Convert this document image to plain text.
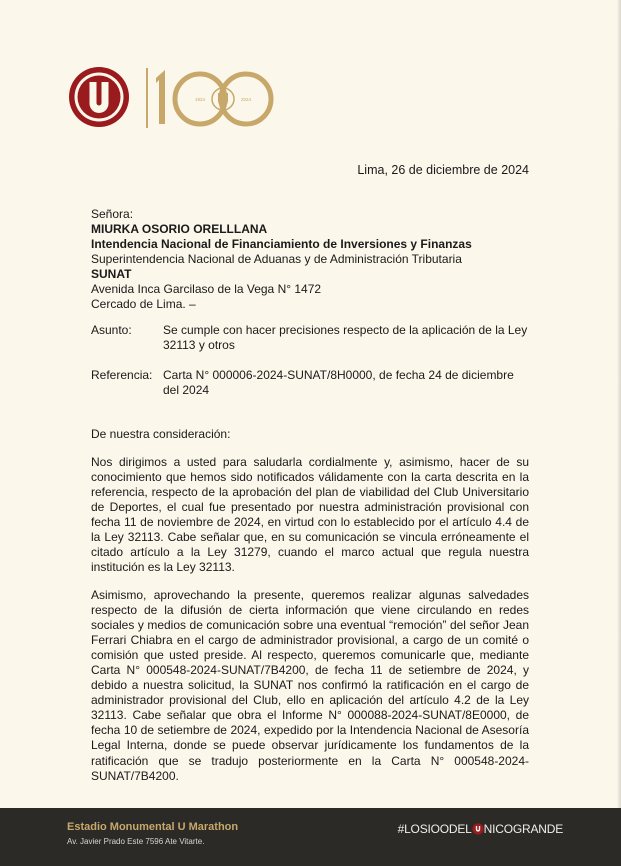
1924	2024
Lima, 26 de diciembre de 2024
Señora:
MIURKA OSORIO ORELLLANA
Intendencia Nacional de Financiamiento de Inversiones y Finanzas
Superintendencia Nacional de Aduanas y de Administración Tributaria
SUNAT
Avenida Inca Garcilaso de la Vega N° 1472
Cercado de Lima. –
Asunto:	Se cumple con hacer precisiones respecto de la aplicación de la Ley 32113 y otros
Referencia: Carta N° 000006-2024-SUNAT/8H0000, de fecha 24 de diciembre del 2024
De nuestra consideración:
Nos dirigimos a usted para saludarla cordialmente y, asimismo, hacer de su conocimiento que hemos sido notificados válidamente con la carta descrita en la referencia, respecto de la aprobación del plan de viabilidad del Club Universitario de Deportes, el cual fue presentado por nuestra administración provisional con fecha 11 de noviembre de 2024, en virtud con lo establecido por el artículo 4.4 de la Ley 32113. Cabe señalar que, en su comunicación se vincula erróneamente el citado artículo a la Ley 31279, cuando el marco actual que regula nuestra institución es la Ley 32113.
Asimismo, aprovechando la presente, queremos realizar algunas salvedades respecto de la difusión de cierta información que viene circulando en redes sociales y medios de comunicación sobre una eventual “remoción” del señor Jean Ferrari Chiabra en el cargo de administrador provisional, a cargo de un comité o comisión que usted preside. Al respecto, queremos comunicarle que, mediante Carta N° 000548-2024-SUNAT/7B4200, de fecha 11 de setiembre de 2024, y debido a nuestra solicitud, la SUNAT nos confirmó la ratificación en el cargo de administrador provisional del Club, ello en aplicación del artículo 4.2 de la Ley 32113. Cabe señalar que obra el Informe N° 000088-2024-SUNAT/8E0000, de fecha 10 de setiembre de 2024, expedido por la Intendencia Nacional de Asesoría Legal Interna, donde se puede observar jurídicamente los fundamentos de la ratificación que se tradujo posteriormente en la Carta N° 000548-2024-SUNAT/7B4200.
Estadio Monumental U Marathon
Av. Javier Prado Este 7596 Ate Vitarte.
#LOSIOODEL NICOGRANDE
